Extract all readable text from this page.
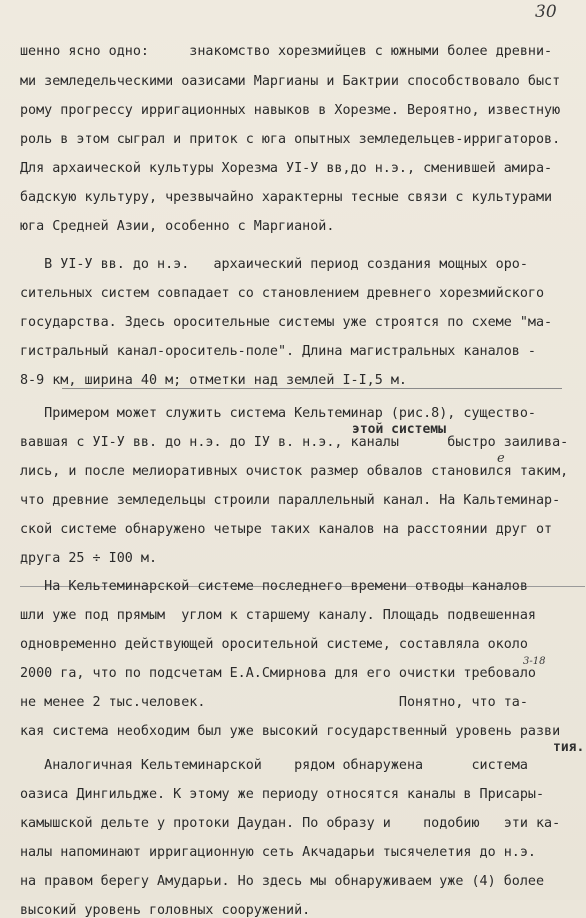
30
шенно ясно одно:     знакомство хорезмийцев с южными более древни-
ми земледельческими оазисами Маргианы и Бактрии способствовало быст
рому прогрессу ирригационных навыков в Хорезме. Вероятно, известную
роль в этом сыграл и приток с юга опытных земледельцев-ирригаторов.
Для архаической культуры Хорезма УI-У вв,до н.э., сменившей амира-
бадскую культуру, чрезвычайно характерны тесные связи с культурами
юга Средней Азии, особенно с Маргианой.
В УI-У вв. до н.э.   архаический период создания мощных оро-
сительных систем совпадает со становлением древнего хорезмийского
государства. Здесь оросительные системы уже строятся по схеме "ма-
гистральный канал-ороситель-поле". Длина магистральных каналов -
8-9 км, ширина 40 м; отметки над землей I-I,5 м.
Примером может служить система Кельтеминар (рис.8), существо-
этой системы
вавшая с УI-У вв. до н.э. до IУ в. н.э., каналы      быстро заилива-
лись, и после мелиоративных очисток размер обвалов становился таким,
е
что древние земледельцы строили параллельный канал. На Кальтеминар-
ской системе обнаружено четыре таких каналов на расстоянии друг от
друга 25 ÷ I00 м.
На Кельтеминарской системе последнего времени отводы каналов
шли уже под прямым  углом к старшему каналу. Площадь подвешенная
одновременно действующей оросительной системе, составляла около
2000 га, что по подсчетам Е.А.Смирнова для его очистки требовало
3-18
не менее 2 тыс.человек.                        Понятно, что та-
кая система необходим был уже высокий государственный уровень разви
тия.
Аналогичная Кельтеминарской    рядом обнаружена      система
оазиса Дингильдже. К этому же периоду относятся каналы в Присары-
камышской дельте у протоки Даудан. По образу и    подобию   эти ка-
налы напоминают ирригационную сеть Акчадарьи тысячелетия до н.э.
на правом берегу Амударьи. Но здесь мы обнаруживаем уже (4) более
высокий уровень головных сооружений.
